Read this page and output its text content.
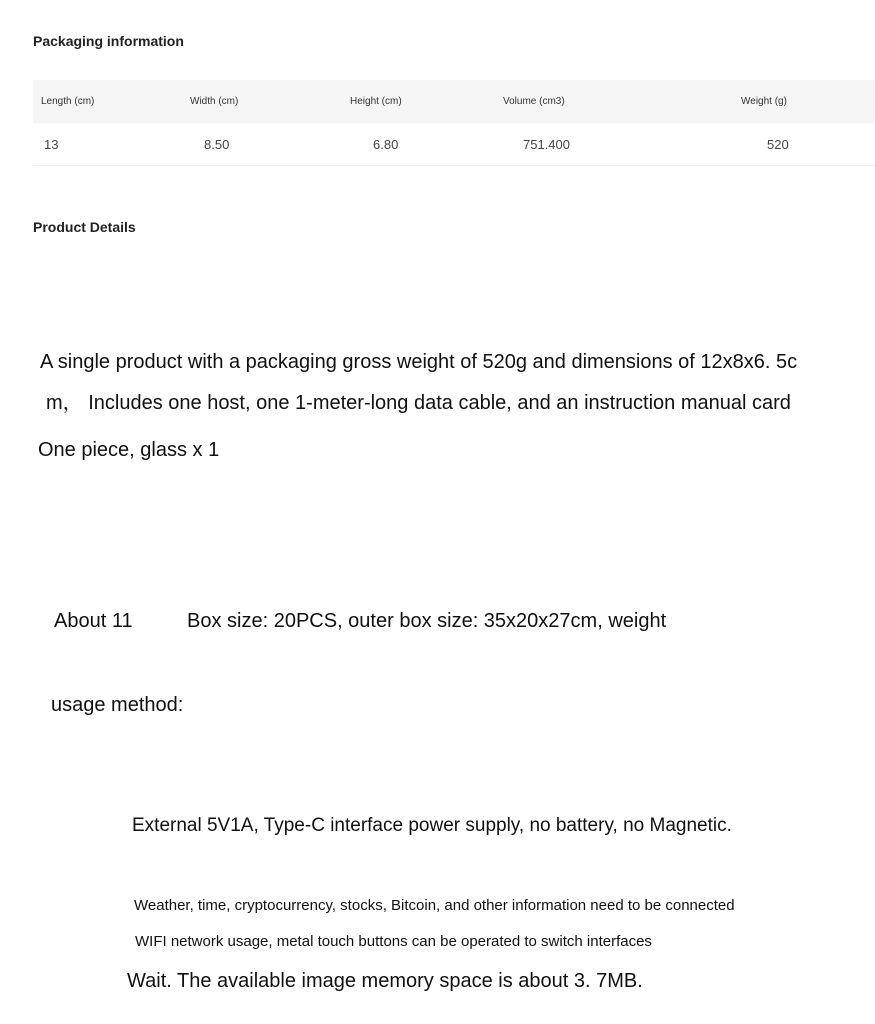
Packaging information
Length (cm)	Width (cm)	Height (cm)	Volume (cm3)	Weight (g)
13	8.50	6.80	751.400	520
Product Details

A single product with a packaging gross weight of 520g and dimensions of 12x8x6. 5c

m， Includes one host, one 1-meter-long data cable, and an instruction manual card

One piece, glass x 1

About 11	Box size: 20PCS, outer box size: 35x20x27cm, weight

usage method:

External 5V1A, Type-C interface power supply, no battery, no Magnetic.

Weather, time, cryptocurrency, stocks, Bitcoin, and other information need to be connected

WIFI network usage, metal touch buttons can be operated to switch interfaces

Wait. The available image memory space is about 3. 7MB.
